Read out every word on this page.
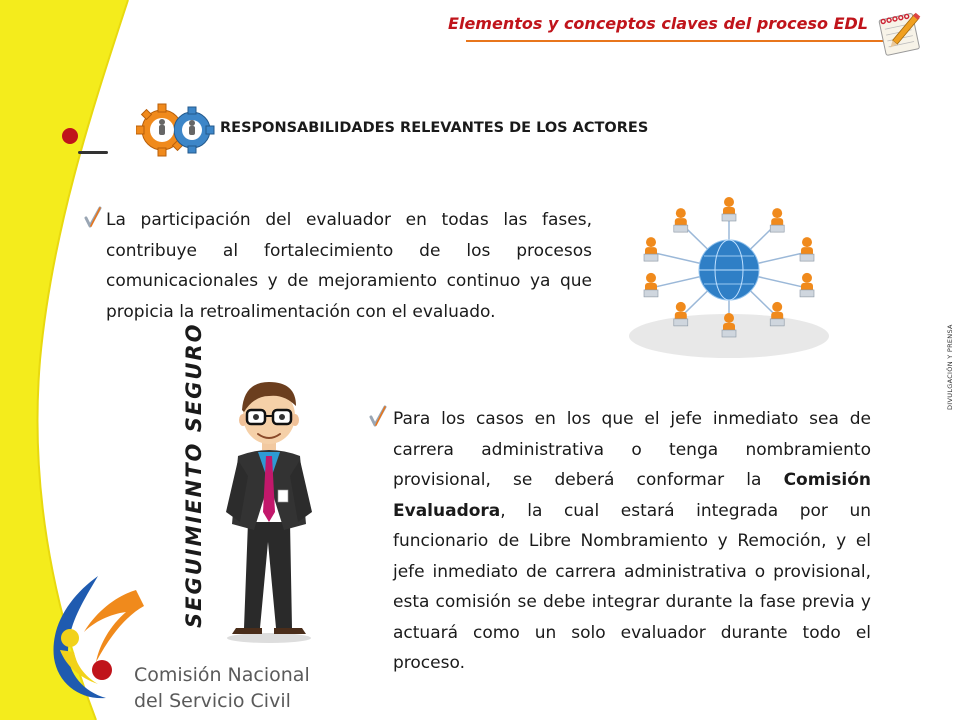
Elementos y conceptos claves del proceso EDL
RESPONSABILIDADES RELEVANTES DE LOS ACTORES

La participación del evaluador en todas las fases, contribuye al fortalecimiento de los procesos comunicacionales y de mejoramiento continuo ya que propicia la retroalimentación con el evaluado.

SEGUIMIENTO SEGURO	Para los casos en los que el jefe inmediato sea de carrera administrativa o tenga nombramiento provisional, se deberá conformar la Comisión Evaluadora, la cual estará integrada por un funcionario de Libre Nombramiento y Remoción, y el jefe inmediato de carrera administrativa o provisional, esta comisión se debe integrar durante la fase previa y actuará como un solo evaluador durante todo el proceso.

DIVULGACIÓN Y PRENSA
Comisión Nacional
del Servicio Civil
